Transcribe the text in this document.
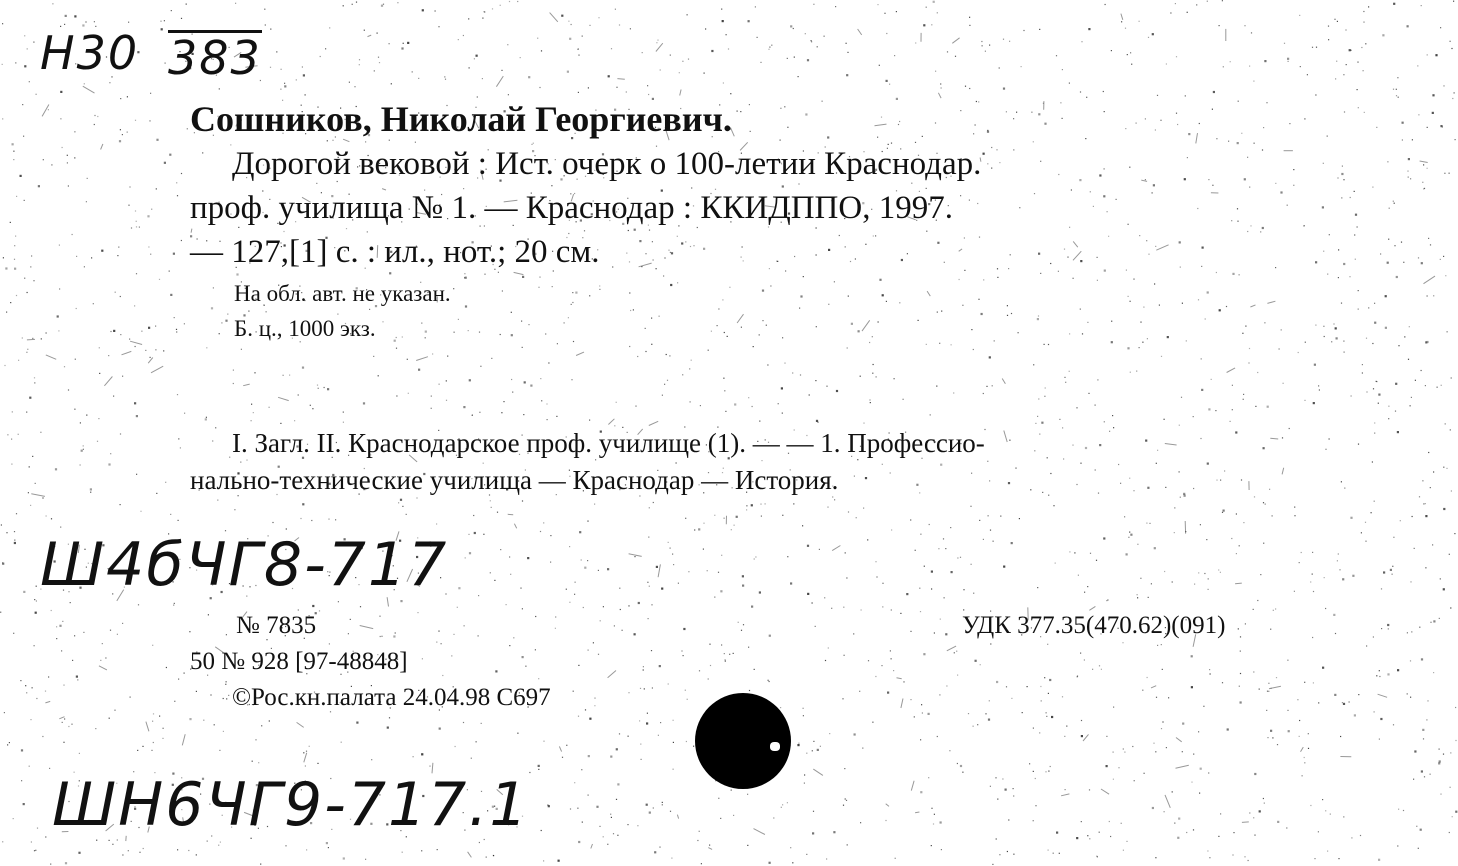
Н30 383
Сошников, Николай Георгиевич.
Дорогой вековой : Ист. очерк о 100-летии Краснодар.
проф. училища № 1. — Краснодар : ККИДППО, 1997.
— 127,[1] с. : ил., нот.; 20 см.
На обл. авт. не указан.
Б. ц., 1000 экз.
I. Загл. II. Краснодарское проф. училище (1). — — 1. Профессио-
нально-технические училища — Краснодар — История.
Ш4бЧГ8-717
№ 7835	УДК 377.35(470.62)(091)
50 № 928 [97-48848]
©Рос.кн.палата 24.04.98 С697
ШН6ЧГ9-717.1
